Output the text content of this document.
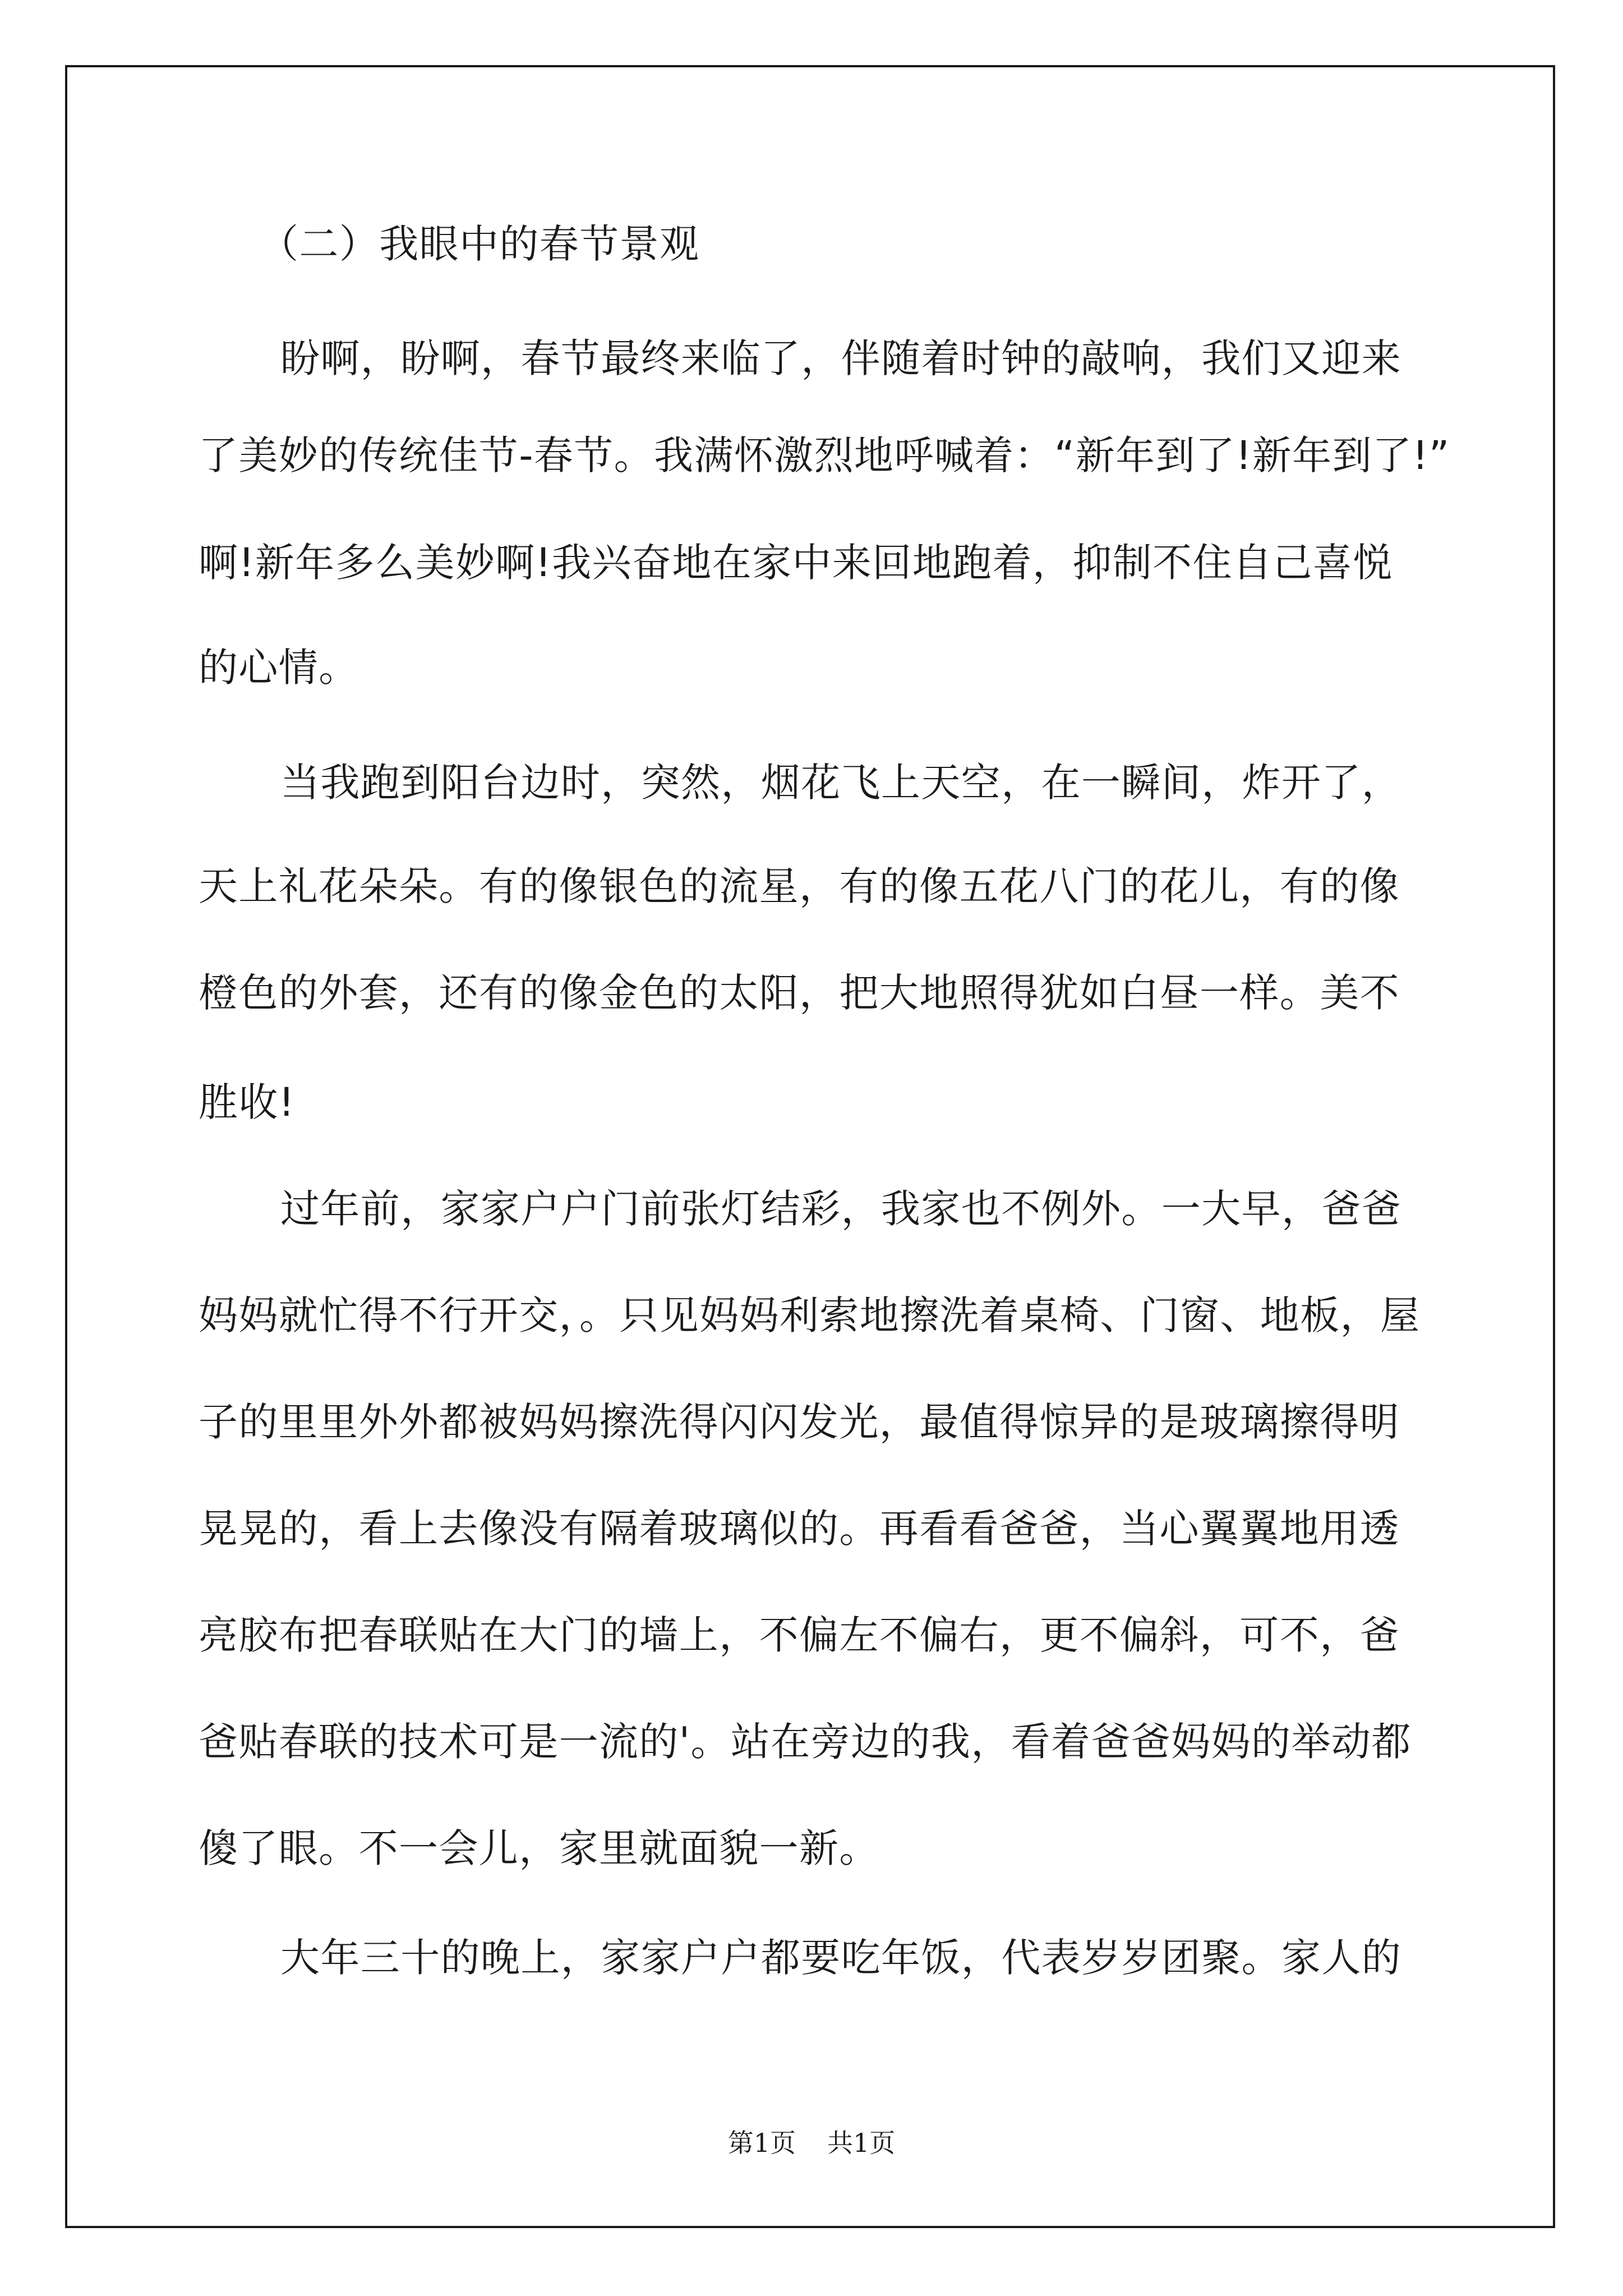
（二）我眼中的春节景观
盼啊，盼啊，春节最终来临了，伴随着时钟的敲响，我们又迎来
了美妙的传统佳节-春节。我满怀激烈地呼喊着：“新年到了!新年到了!”
啊!新年多么美妙啊!我兴奋地在家中来回地跑着，抑制不住自己喜悦
的心情。
当我跑到阳台边时，突然，烟花飞上天空，在一瞬间，炸开了，
天上礼花朵朵。有的像银色的流星，有的像五花八门的花儿，有的像
橙色的外套，还有的像金色的太阳，把大地照得犹如白昼一样。美不
胜收!
过年前，家家户户门前张灯结彩，我家也不例外。一大早，爸爸
妈妈就忙得不行开交，。只见妈妈利索地擦洗着桌椅、门窗、地板，屋
子的里里外外都被妈妈擦洗得闪闪发光，最值得惊异的是玻璃擦得明
晃晃的，看上去像没有隔着玻璃似的。再看看爸爸，当心翼翼地用透
亮胶布把春联贴在大门的墙上，不偏左不偏右，更不偏斜，可不，爸
爸贴春联的技术可是一流的'。站在旁边的我，看着爸爸妈妈的举动都
傻了眼。不一会儿，家里就面貌一新。
大年三十的晚上，家家户户都要吃年饭，代表岁岁团聚。家人的
第1页 共1页
